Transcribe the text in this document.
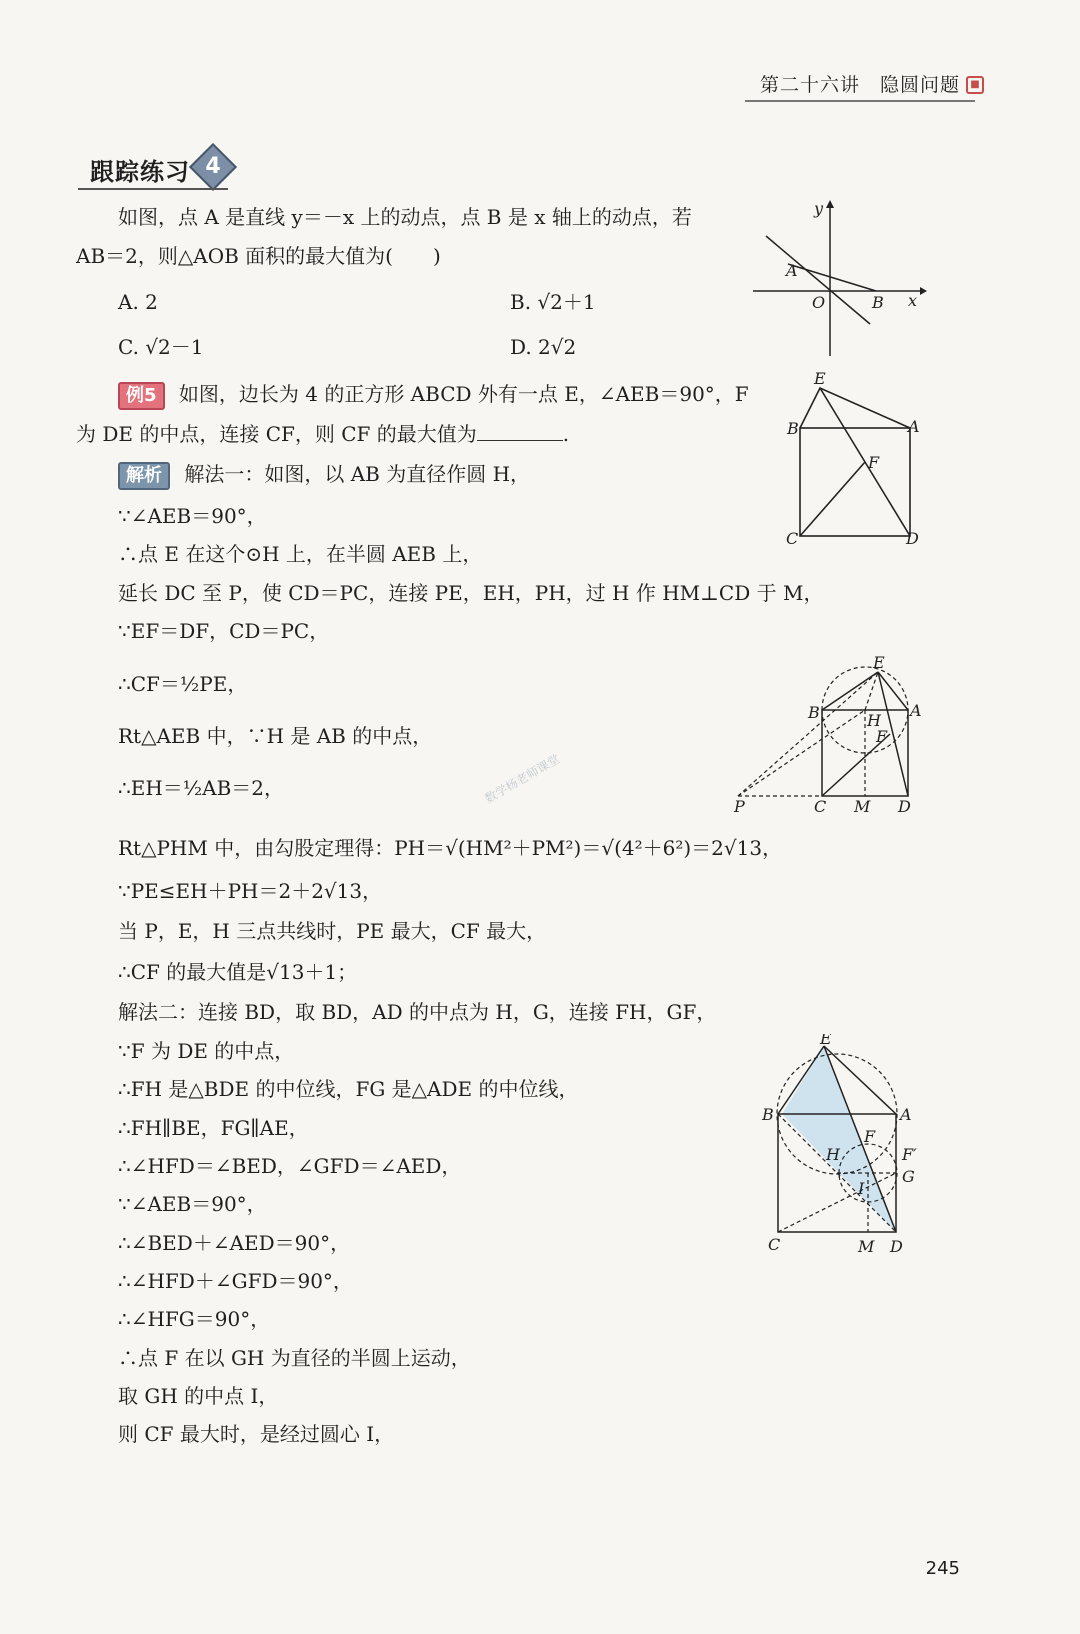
第二十六讲　隐圆问题	■
跟踪练习 4
如图，点 A 是直线 y＝－x 上的动点，点 B 是 x 轴上的动点，若
AB＝2，则△AOB 面积的最大值为(　　)
A. 2	B. √2＋1
C. √2－1	D. 2√2
y
A
O	B x
例5 如图，边长为 4 的正方形 ABCD 外有一点 E，∠AEB＝90°，F
为 DE 的中点，连接 CF，则 CF 的最大值为	.
E
B	A
F
C	D
解析 解法一：如图，以 AB 为直径作圆 H，
∵∠AEB＝90°，
∴点 E 在这个⊙H 上，在半圆 AEB 上，
延长 DC 至 P，使 CD＝PC，连接 PE，EH，PH，过 H 作 HM⊥CD 于 M，
∵EF＝DF，CD＝PC，
∴CF＝½PE，
Rt△AEB 中，∵H 是 AB 的中点，
∴EH＝½AB＝2，
Rt△PHM 中，由勾股定理得：PH＝√(HM²＋PM²)＝√(4²＋6²)＝2√13，
∵PE≤EH＋PH＝2＋2√13，
当 P，E，H 三点共线时，PE 最大，CF 最大，
∴CF 的最大值是√13＋1；
解法二：连接 BD，取 BD，AD 的中点为 H，G，连接 FH，GF，
∵F 为 DE 的中点，
∴FH 是△BDE 的中位线，FG 是△ADE 的中位线，
∴FH∥BE，FG∥AE，
∴∠HFD＝∠BED，∠GFD＝∠AED，
∵∠AEB＝90°，
∴∠BED＋∠AED＝90°，
∴∠HFD＋∠GFD＝90°，
∴∠HFG＝90°，
∴点 F 在以 GH 为直径的半圆上运动，
取 GH 的中点 I，
则 CF 最大时，是经过圆心 I，
E
B	A
H
F
P	C M D
E
B	A
F
F′
H
I
G
C	M D
数学杨老师课堂
245
